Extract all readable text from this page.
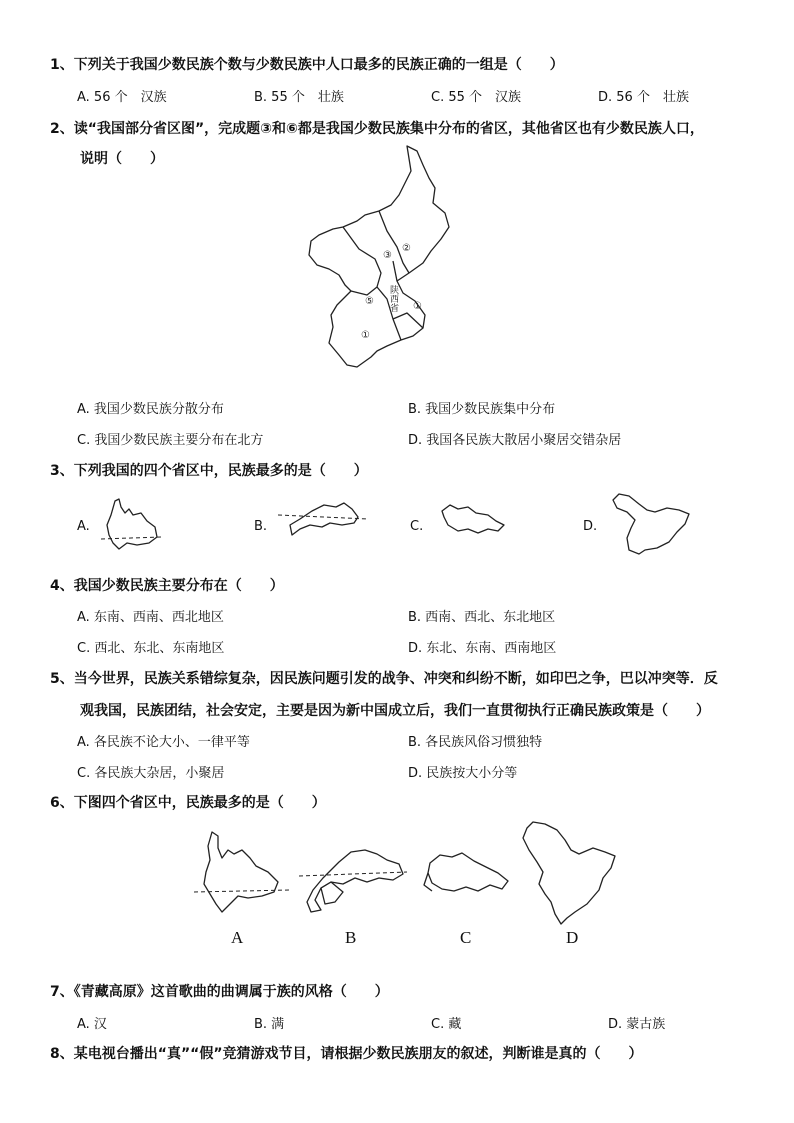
1、下列关于我国少数民族个数与少数民族中人口最多的民族正确的一组是（　　）
A. 56 个　汉族	B. 55 个　壮族	C. 55 个　汉族	D. 56 个　壮族
2、读“我国部分省区图”，完成题③和⑥都是我国少数民族集中分布的省区，其他省区也有少数民族人口，
说明（　　）
③
②
⑤	①
①
陕西省
A. 我国少数民族分散分布	B. 我国少数民族集中分布
C. 我国少数民族主要分布在北方	D. 我国各民族大散居小聚居交错杂居
3、下列我国的四个省区中，民族最多的是（　　）
A.	B.	C.	D.
4、我国少数民族主要分布在（　　）
A. 东南、西南、西北地区	B. 西南、西北、东北地区
C. 西北、东北、东南地区	D. 东北、东南、西南地区
5、当今世界，民族关系错综复杂，因民族问题引发的战争、冲突和纠纷不断，如印巴之争，巴以冲突等．反
观我国，民族团结，社会安定，主要是因为新中国成立后，我们一直贯彻执行正确民族政策是（　　）
A. 各民族不论大小、一律平等	B. 各民族风俗习惯独特
C. 各民族大杂居，小聚居	D. 民族按大小分等
6、下图四个省区中，民族最多的是（　　）
A	B	C	D
7、《青藏高原》这首歌曲的曲调属于族的风格（　　）
A. 汉	B. 满	C. 藏	D. 蒙古族
8、某电视台播出“真”“假”竞猜游戏节目，请根据少数民族朋友的叙述，判断谁是真的（　　）
